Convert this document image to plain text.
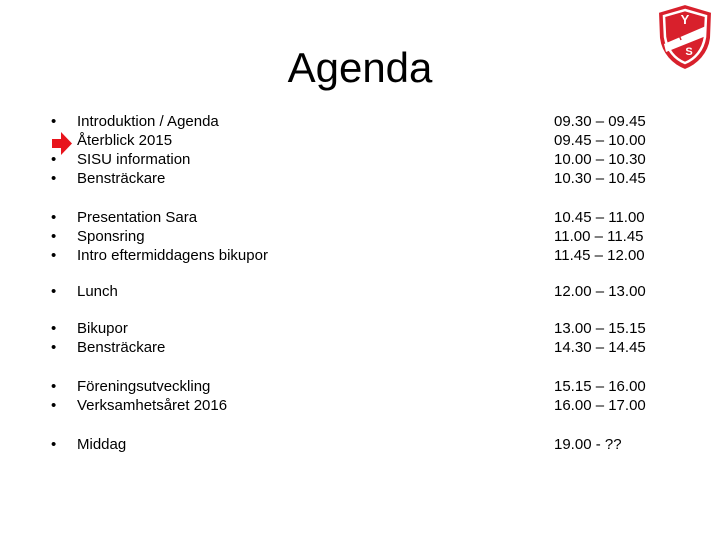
Agenda
Y
I
S
•	Introduktion / Agenda	09.30 – 09.45
Återblick 2015	09.45 – 10.00
•	SISU information	10.00 – 10.30
•	Bensträckare	10.30 – 10.45
•	Presentation Sara	10.45 – 11.00
•	Sponsring	11.00 – 11.45
•	Intro eftermiddagens bikupor	11.45 – 12.00
•	Lunch	12.00 – 13.00
•	Bikupor	13.00 – 15.15
•	Bensträckare	14.30 – 14.45
•	Föreningsutveckling	15.15 – 16.00
•	Verksamhetsåret 2016	16.00 – 17.00
•	Middag	19.00 - ??
